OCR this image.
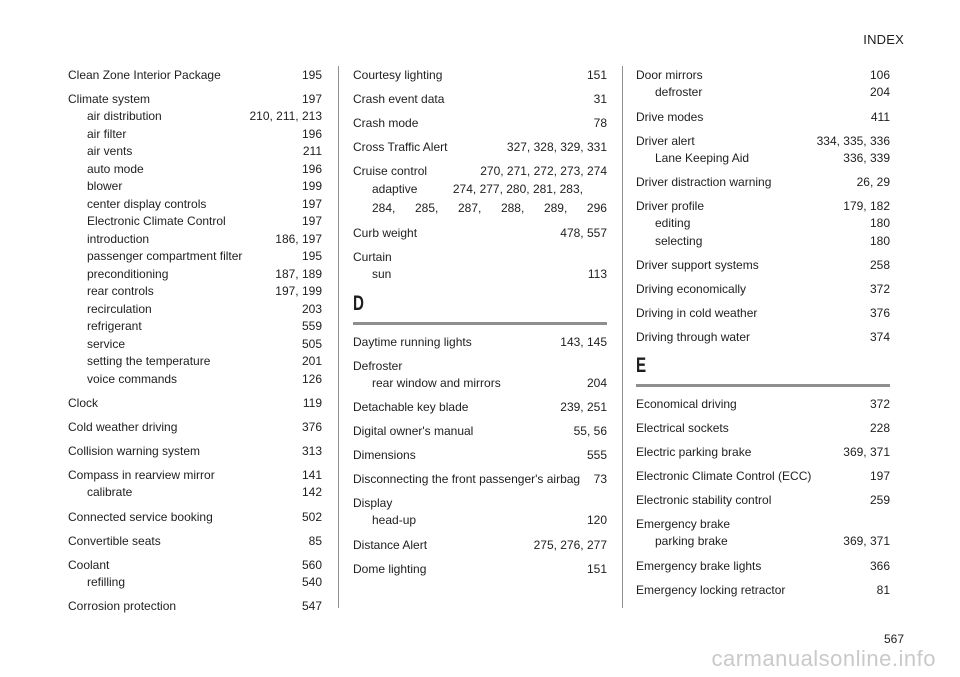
INDEX
Clean Zone Interior Package	195
Climate system	197
air distribution	210, 211, 213
air filter	196
air vents	211
auto mode	196
blower	199
center display controls	197
Electronic Climate Control	197
introduction	186, 197
passenger compartment filter	195
preconditioning	187, 189
rear controls	197, 199
recirculation	203
refrigerant	559
service	505
setting the temperature	201
voice commands	126
Clock	119
Cold weather driving	376
Collision warning system	313
Compass in rearview mirror	141
calibrate	142
Connected service booking	502
Convertible seats	85
Coolant	560
refilling	540
Corrosion protection	547
Courtesy lighting	151
Crash event data	31
Crash mode	78
Cross Traffic Alert	327, 328, 329, 331
Cruise control	270, 271, 272, 273, 274
adaptive	274, 277, 280, 281, 283,
284, 285, 287, 288, 289, 296
Curb weight	478, 557
Curtain
sun	113
D
Daytime running lights	143, 145
Defroster
rear window and mirrors	204
Detachable key blade	239, 251
Digital owner's manual	55, 56
Dimensions	555
Disconnecting the front passenger's airbag 73
Display
head-up	120
Distance Alert	275, 276, 277
Dome lighting	151
Door mirrors	106
defroster	204
Drive modes	411
Driver alert	334, 335, 336
Lane Keeping Aid	336, 339
Driver distraction warning	26, 29
Driver profile	179, 182
editing	180
selecting	180
Driver support systems	258
Driving economically	372
Driving in cold weather	376
Driving through water	374
E
Economical driving	372
Electrical sockets	228
Electric parking brake	369, 371
Electronic Climate Control (ECC)	197
Electronic stability control	259
Emergency brake
parking brake	369, 371
Emergency brake lights	366
Emergency locking retractor	81
567
carmanualsonline.info
